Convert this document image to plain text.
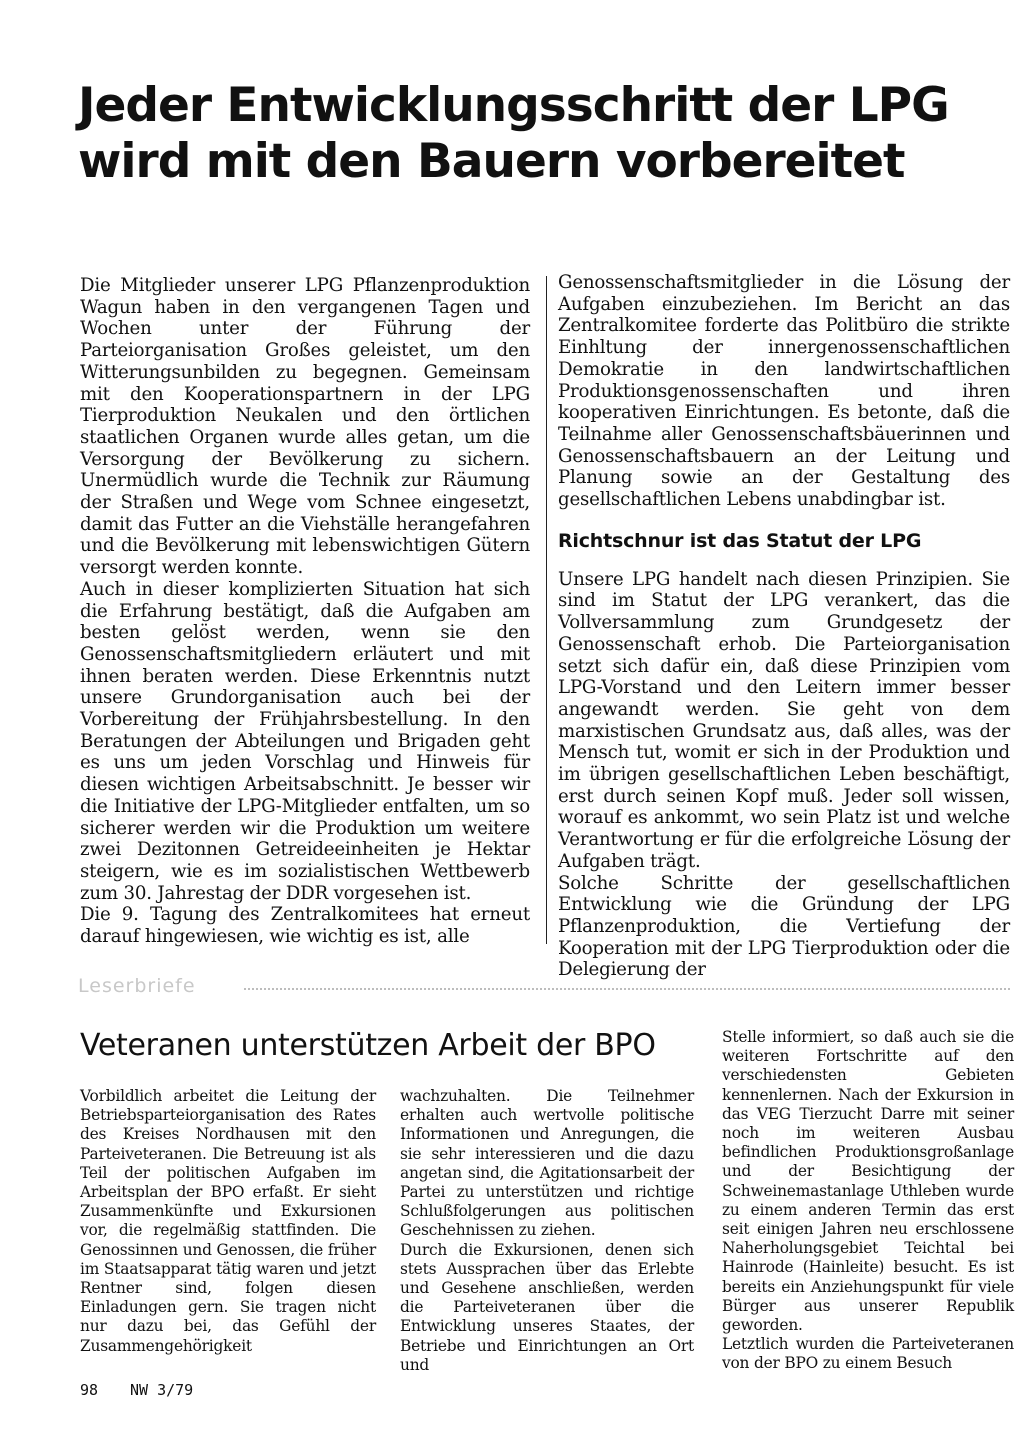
Jeder Entwicklungsschritt der LPG
wird mit den Bauern vorbereitet

Die Mitglieder unserer LPG Pflanzenproduktion Wagun haben in den vergangenen Tagen und Wochen unter der Führung der Parteiorganisation Großes geleistet, um den Witterungsunbilden zu begegnen. Gemeinsam mit den Kooperationspartnern in der LPG Tierproduktion Neukalen und den örtlichen staatlichen Organen wurde alles getan, um die Versorgung der Bevölkerung zu sichern. Unermüdlich wurde die Technik zur Räumung der Straßen und Wege vom Schnee eingesetzt, damit das Futter an die Viehställe herangefahren und die Bevölkerung mit lebenswichtigen Gütern versorgt werden konnte.

Auch in dieser komplizierten Situation hat sich die Erfahrung bestätigt, daß die Aufgaben am besten gelöst werden, wenn sie den Genossenschaftsmitgliedern erläutert und mit ihnen beraten werden. Diese Erkenntnis nutzt unsere Grundorganisation auch bei der Vorbereitung der Frühjahrsbestellung. In den Beratungen der Abteilungen und Brigaden geht es uns um jeden Vorschlag und Hinweis für diesen wichtigen Arbeitsabschnitt. Je besser wir die Initiative der LPG-Mitglieder entfalten, um so sicherer werden wir die Produktion um weitere zwei Dezitonnen Getreideeinheiten je Hektar steigern, wie es im sozialistischen Wettbewerb zum 30. Jahrestag der DDR vorgesehen ist.

Die 9. Tagung des Zentralkomitees hat erneut darauf hingewiesen, wie wichtig es ist, alle

Genossenschaftsmitglieder in die Lösung der Aufgaben einzubeziehen. Im Bericht an das Zentralkomitee forderte das Politbüro die strikte Einhltung der innergenossenschaftlichen Demokratie in den landwirtschaftlichen Produktionsgenossenschaften und ihren kooperativen Einrichtungen. Es betonte, daß die Teilnahme aller Genossenschaftsbäuerinnen und Genossenschaftsbauern an der Leitung und Planung sowie an der Gestaltung des gesellschaftlichen Lebens unabdingbar ist.

Richtschnur ist das Statut der LPG

Unsere LPG handelt nach diesen Prinzipien. Sie sind im Statut der LPG verankert, das die Vollversammlung zum Grundgesetz der Genossenschaft erhob. Die Parteiorganisation setzt sich dafür ein, daß diese Prinzipien vom LPG-Vorstand und den Leitern immer besser angewandt werden. Sie geht von dem marxistischen Grundsatz aus, daß alles, was der Mensch tut, womit er sich in der Produktion und im übrigen gesellschaftlichen Leben beschäftigt, erst durch seinen Kopf muß. Jeder soll wissen, worauf es ankommt, wo sein Platz ist und welche Verantwortung er für die erfolgreiche Lösung der Aufgaben trägt.

Solche Schritte der gesellschaftlichen Entwicklung wie die Gründung der LPG Pflanzenproduktion, die Vertiefung der Kooperation mit der LPG Tierproduktion oder die Delegierung der

Leserbriefe
Veteranen unterstützen Arbeit der BPO

Vorbildlich arbeitet die Leitung der Betriebsparteiorganisation des Rates des Kreises Nordhausen mit den Parteiveteranen. Die Betreuung ist als Teil der politischen Aufgaben im Arbeitsplan der BPO erfaßt. Er sieht Zusammenkünfte und Exkursionen vor, die regelmäßig stattfinden. Die Genossinnen und Genossen, die früher im Staatsapparat tätig waren und jetzt Rentner sind, folgen diesen Einladungen gern. Sie tragen nicht nur dazu bei, das Gefühl der Zusammengehörigkeit

wachzuhalten. Die Teilnehmer erhalten auch wertvolle politische Informationen und Anregungen, die sie sehr interessieren und die dazu angetan sind, die Agitationsarbeit der Partei zu unterstützen und richtige Schlußfolgerungen aus politischen Geschehnissen zu ziehen.

Durch die Exkursionen, denen sich stets Aussprachen über das Erlebte und Gesehene anschließen, werden die Parteiveteranen über die Entwicklung unseres Staates, der Betriebe und Einrichtungen an Ort und

Stelle informiert, so daß auch sie die weiteren Fortschritte auf den verschiedensten Gebieten kennenlernen. Nach der Exkursion in das VEG Tierzucht Darre mit seiner noch im weiteren Ausbau befindlichen Produktionsgroßanlage und der Besichtigung der Schweinemastanlage Uthleben wurde zu einem anderen Termin das erst seit einigen Jahren neu erschlossene Naherholungsgebiet Teichtal bei Hainrode (Hainleite) besucht. Es ist bereits ein Anziehungspunkt für viele Bürger aus unserer Republik geworden.

Letztlich wurden die Parteiveteranen von der BPO zu einem Besuch

98 NW 3/79
